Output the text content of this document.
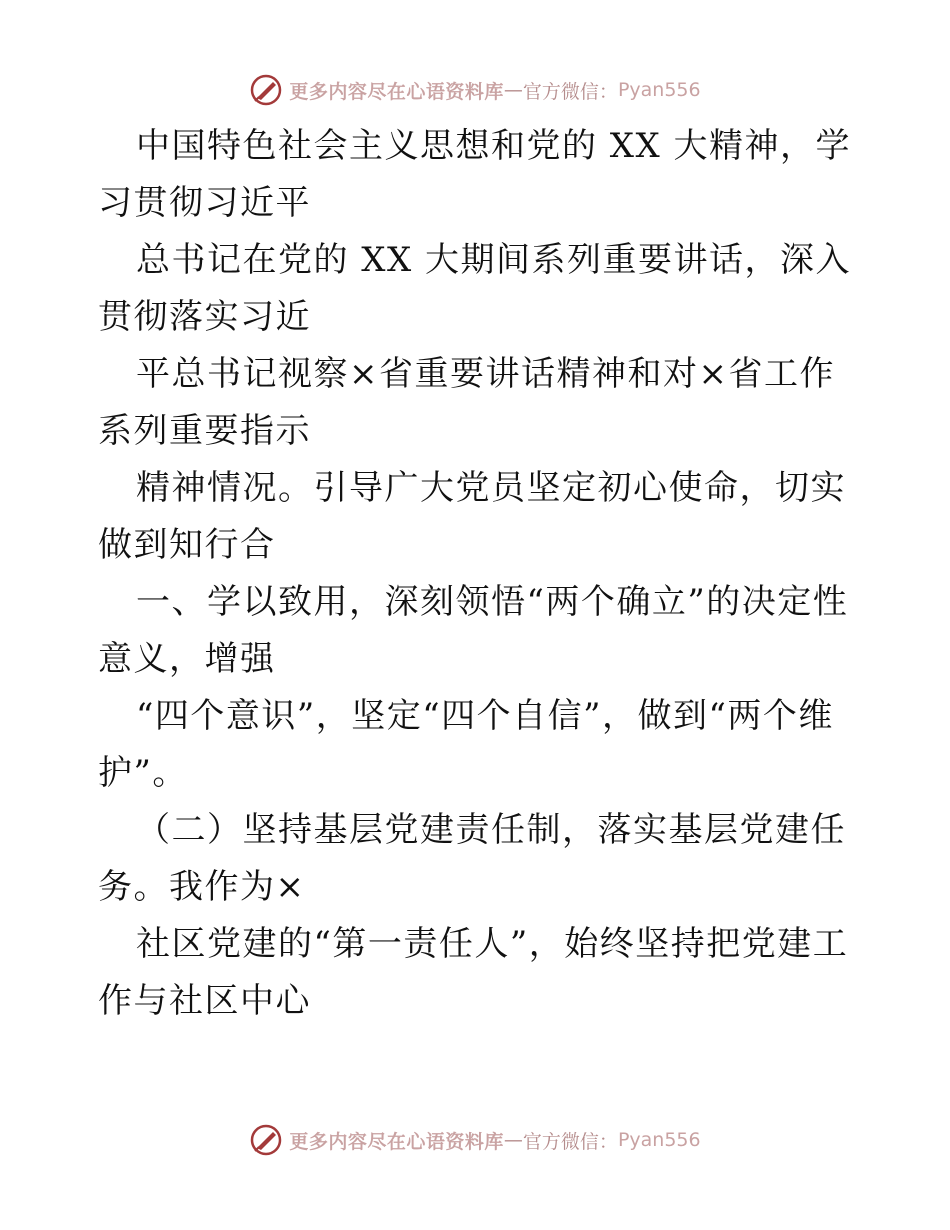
更多内容尽在心语资料库 — 官方微信： Pyan556

中国特色社会主义思想和党的 XX 大精神，学习贯彻习近平

总书记在党的 XX 大期间系列重要讲话，深入贯彻落实习近

平总书记视察×省重要讲话精神和对×省工作系列重要指示

精神情况。引导广大党员坚定初心使命，切实做到知行合

一、学以致用，深刻领悟“两个确立”的决定性意义，增强

“四个意识”，坚定“四个自信”，做到“两个维护”。

（二）坚持基层党建责任制，落实基层党建任务。我作为×

社区党建的“第一责任人”，始终坚持把党建工作与社区中心

更多内容尽在心语资料库 — 官方微信： Pyan556
